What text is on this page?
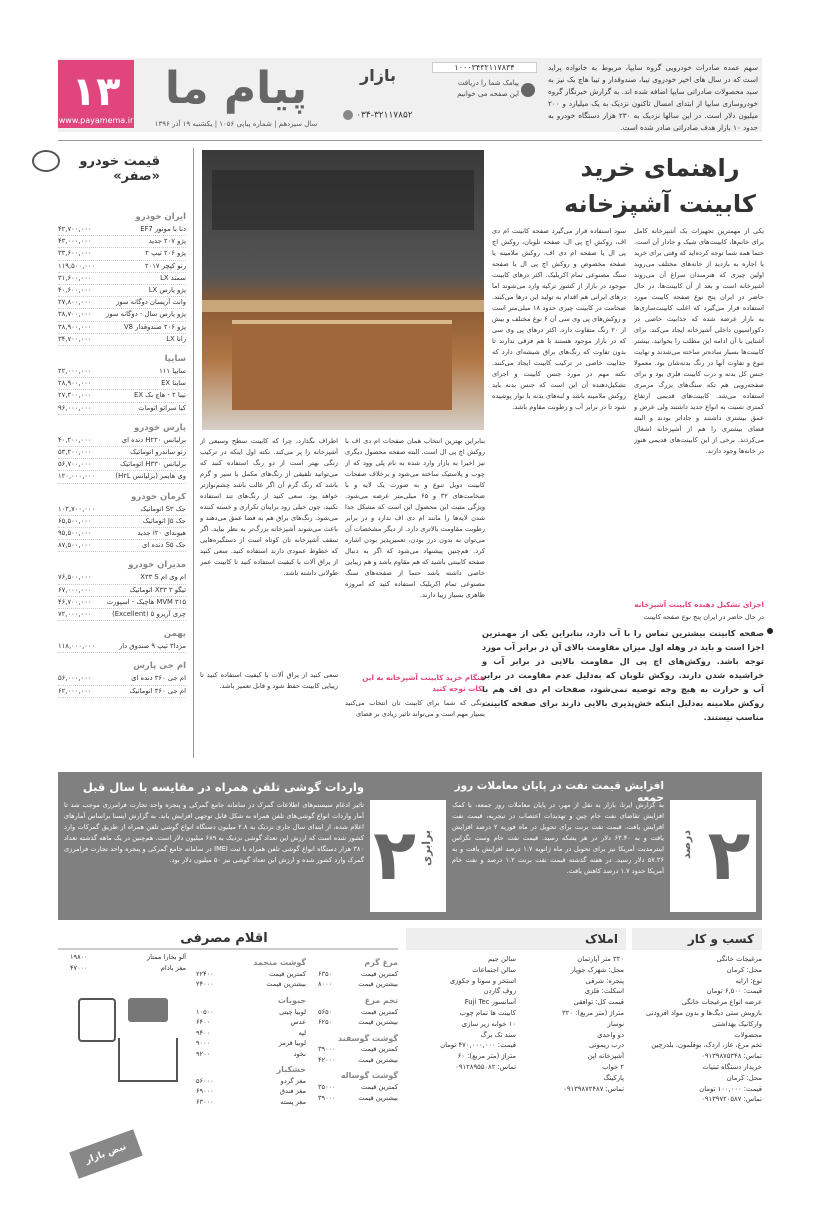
۱۳
www.payamema.ir
پیام ما
سال سیزدهم | شماره پیاپی ۱۰۵۶ | یکشنبه ۱۹ آذر ۱۳۹۶
بازار
۰۳۴-۳۲۱۱۷۸۵۲
۱۰۰۰۳۴۳۲۱۱۷۸۳۴
پیامک شما را دریافت
این صفحه می خوانیم
سهم عمده صادرات خودرویی گروه سایپا، مربوط به خانواده پراید است که در سال های اخیر خودروی تیبا، صندوقدار و تیبا هاچ بک نیز به سبد محصولات صادراتی سایپا اضافه شده اند. به گزارش خبرنگار گروه خودروسازی سایپا از ابتدای امسال تاکنون نزدیک به یک میلیارد و ۲۰۰ میلیون دلار است. در این سالها نزدیک به ۲۳۰ هزار دستگاه خودرو به حدود ۱۰ بازار هدف صادراتی صادر شده است.
راهنمای خرید
کابینت آشپزخانه
یکی از مهمترین تجهیزات یک آشپزخانه کامل برای خانم‌ها، کابینت‌های شیک و جادار آن است. حتما همه شما توجه کرده‌اید که وقتی برای خرید یا اجاره به بازدید از خانه‌های مختلف می‌روید اولین چیزی که هنرمندان سراغ آن می‌روند آشپزخانه است و بعد از آن کابینت‌ها. در حال حاضر در ایران پنج نوع صفحه کابینت مورد استفاده قرار می‌گیرد که اغلب کابینت‌سازی‌ها به بازار عرضه شده که جذابیت خاصی در دکوراسیون داخلی آشپزخانه ایجاد می‌کند. برای آشنایی با آن ادامه این مطلب را بخوانید. بیشتر کابینت‌ها بسیار ساده‌تر ساخته می‌شدند و نهایت تنوع و تفاوت آنها در رنگ بدنه‌شان بود. معمولا جنس کل بدنه و درب کابینت فلزی بود و برای صفحه‌رویی هم تکه سنگ‌های بزرگ مرمری استفاده می‌شد. کابینت‌های قدیمی ارتفاع کمتری نسبت به انواع جدید داشتند ولی عرض و عمق بیشتری داشتند و جاداتر بودند و البته فضای بیشتری را هم از آشپزخانه اشغال می‌کردند. برخی از این کابینت‌های قدیمی هنوز در خانه‌ها وجود دارند.
سود استفاده قرار می‌گیرد صفحه کابینت ام دی اف، روکش اچ پی ال، صفحه تلوبان، روکش اچ پی ال یا صفحه ام دی اف، روکش ملامینه یا صفحه مخصوص و روکش اچ پی ال یا صفحه سنگ مصنوعی تمام اکریلیک. اکثر درهای کابینت موجود در بازار از کشور ترکیه وارد می‌شوند اما درهای ایرانی هم اقدام به تولید این درها می‌کنند. ضخامت در کابینت چیزی حدود ۱۸ میلی‌متر است و روکش‌های پی وی سی آن ۶ نوع مختلف و بیش از ۲۰ رنگ متفاوت دارد. اکثر درهای پی وی سی که در بازار موجود هستند با هم فرقی ندارند تا بدون تفاوت که رنگ‌های براق شیشه‌ای دارد که جذابیت خاصی در ترکیب کابینت ایجاد می‌کنند. نکته مهم در مورد جنس کابینت و اجزای تشکیل‌دهنده آن این است که جنس بدنه باید روکش ملامینه باشد و لبه‌های بدنه با نوار پوشیده شود تا در برابر آب و رطوبت مقاوم باشد.
اجزای تشکیل دهنده کابینت آشپزخانه
در حال حاضر در ایران پنج نوع صفحه کابینت
بنابراین بهترین انتخاب همان صفحات ام دی اف با روکش اچ پی ال است. البته صفحه محصول دیگری نیز اخیرا به بازار وارد شده به نام پلی وود که از چوب و پلاستیک ساخته می‌شود و برخلاف صفحات کابینت دوبل تنوع و به صورت یک لایه و با ضخامت‌های ۳۲ و ۶۵ میلی‌متر عرضه می‌شود. ویژگی مثبت این محصول این است که مشکل جدا شدن لایه‌ها را مانند ام دی اف ندارد و در برابر رطوبت مقاومت بالاتری دارد. از دیگر مشخصات آن می‌توان به بدون درز بودن، تعمیرپذیر بودن اشاره کرد. هم‌چنین پیشنهاد می‌شود که اگر به دنبال صفحه کابینتی باشید که هم مقاوم باشد و هم زیبایی خاصی داشته باشد حتما از صفحه‌های سنگ مصنوعی تمام اکریلیک استفاده کنید که امروزه ظاهری بسیار زیبا دارند.
هنگام خرید کابینت آشپزخانه به این نکات توجه کنید
رنگی که شما برای کابینت تان انتخاب می‌کنید بسیار مهم است و می‌تواند تاثیر زیادی بر فضای
اطراف بگذارد، چرا که کابینت سطح وسیعی از آشپزخانه را پر می‌کند. نکته اول اینکه در ترکیب رنگی بهتر است از دو رنگ استفاده کنید که می‌توانید تلفیقی از رنگ‌های مکمل با سیر و گرم باشد که رنگ گرم آن اگر غالب باشد چشم‌نوازتر خواهد بود. سعی کنید از رنگ‌های تند استفاده نکنید، چون خیلی زود برایتان تکراری و خسته کننده می‌شود. رنگ‌های براق هم به فضا عمق می‌دهند و باعث می‌شوند آشپزخانه بزرگ‌تر به نظر بیاید. اگر سقف آشپزخانه تان کوتاه است از دستگیره‌هایی که خطوط عمودی دارند استفاده کنید. سعی کنید از یراق آلات با کیفیت استفاده کنید تا کابینت عمر طولانی داشته باشد.
سعی کنید از یراق آلات با کیفیت استفاده کنید تا زیبایی کابینت حفظ شود و قابل تعمیر باشد.
صفحه کابینت بیشترین تماس را با آب دارد، بنابراین یکی از مهمترین اجزا است و باید در وهله اول میزان مقاومت بالای آن در برابر آب مورد توجه باشد. روکش‌های اچ پی ال مقاومت بالایی در برابر آب و خراشیده شدن دارند. روکش تلوبان که به‌دلیل عدم مقاومت در برابر آب و حرارت به هیچ وجه توصیه نمی‌شود، صفحات ام دی اف هم با روکش ملامینه به‌دلیل اینکه خش‌پذیری بالایی دارند برای صفحه کابینت مناسب نیستند.
قیمت خودرو «صفر»
ایران خودرو
دنا با موتور EF7
۴۲,۷۰۰,۰۰۰
پژو ۲۰۷ جدید
۴۳,۰۰۰,۰۰۰
پژو ۲۰۶ تیپ ۲
۳۳,۶۰۰,۰۰۰
رنو کپچر ۲۰۱۷
۱۱۹,۵۰۰,۰۰۰
سمند LX
۳۱,۶۰۰,۰۰۰
پژو پارس LX
۴۰,۶۰۰,۰۰۰
وانت آریسان دوگانه سوز
۲۷,۸۰۰,۰۰۰
پژو پارس سال - دوگانه سوز
۳۸,۷۰۰,۰۰۰
پژو ۲۰۶ صندوقدار V8
۳۸,۹۰۰,۰۰۰
رانا LX
۳۴,۷۰۰,۰۰۰
سایپا
سایپا ۱۱۱
۲۲,۰۰۰,۰۰۰
ساینا EX
۲۸,۹۰۰,۰۰۰
تیبا ۲ - هاچ بک EX
۲۷,۳۰۰,۰۰۰
کیا سراتو اتومات
۹۶,۰۰۰,۰۰۰
پارس خودرو
برلیانس H۲۲۰ دنده ای
۴۰,۲۰۰,۰۰۰
رنو ساندرو اتوماتیک
۵۳,۲۰۰,۰۰۰
برلیانس H۳۳۰ اتوماتیک
۵۶,۷۰۰,۰۰۰
وی هایمر (برلیانس H۲L)
۱۲۰,۰۰۰,۰۰۰
کرمان خودرو
جک S۳ اتوماتیک
۱۰۲,۷۰۰,۰۰۰
جک J۵ اتوماتیک
۶۵,۵۰۰,۰۰۰
هیوندای i۲۰ جدید
۹۵,۵۰۰,۰۰۰
جک S۵ دنده ای
۸۷,۵۰۰,۰۰۰
مدیران خودرو
ام وی ام X۳۳ S
۷۶,۵۰۰,۰۰۰
تیگو ۳ X۳۳ اتوماتیک
۶۷,۰۰۰,۰۰۰
MVM ۳۱۵ هاچبک - اسپورت
۴۶,۷۰۰,۰۰۰
چری آریزو ۵ (Excellent)
۷۲,۰۰۰,۰۰۰
بهمن
مزدا۳ تیپ ۹ صندوق دار
۱۱۸,۰۰۰,۰۰۰
ام جی پارس
ام جی ۳۶۰ دنده ای
۵۶,۰۰۰,۰۰۰
ام جی ۳۶۰ اتوماتیک
۶۲,۰۰۰,۰۰۰
۲ برابری	۲
درصد
واردات گوشی تلفن همراه در مقایسه با سال قبل
تاثیر ادغام سیستم‌های اطلاعات گمرک در سامانه جامع گمرکی و پنجره واحد تجارت فرامرزی موجب شد تا آمار واردات انواع گوشی‌های تلفن همراه به شکل قابل توجهی افزایش یابد. به گزارش ایسنا براساس آمارهای اعلام شده، از ابتدای سال جاری نزدیک به ۲.۸ میلیون دستگاه انواع گوشی تلفن همراه از طریق گمرکات وارد کشور شده است که ارزش این تعداد گوشی نزدیک به ۶۸۹ میلیون دلار است. هم‌چنین در یک ماهه گذشته تعداد ۳۸۰ هزار دستگاه انواع گوشی تلفن همراه با ثبت IMEI در سامانه جامع گمرکی و پنجره واحد تجارت فرامرزی گمرک وارد کشور شده و ارزش این تعداد گوشی نیز ۵۰ میلیون دلار بود.
افزایش قیمت نفت در پایان معاملات روز جمعه
به گزارش ایرنا، بازار به نقل از مهر، در پایان معاملات روز جمعه، با کمک افزایش تقاضای نفت خام چین و تهدیدات اعتصاب در نیجریه، قیمت نفت افزایش یافت. قیمت نفت برنت برای تحویل در ماه فوریه ۲ درصد افزایش یافت و به ۶۳.۴۰ دلار در هر بشکه رسید. قیمت نفت خام وست تگزاس اینترمدیت آمریکا نیز برای تحویل در ماه ژانویه ۱.۷ درصد افزایش یافت و به ۵۷.۳۶ دلار رسید. در هفته گذشته قیمت نفت برنت ۱.۲ درصد و نفت خام آمریکا حدود ۱.۷ درصد کاهش یافت.
کسب و کار
مرغیجات خانگی
محل: کرمان
نوع: ارایه
قیمت: ۶,۵۰۰ تومان
عرضه انواع مرغیجات خانگی
بازویش ستی دیگ‌ها و بدون مواد افزودنی
وارکانیک بهداشتی
محصولات
تخم‌ مرغ، غاز، اردک، بوقلمون، بلدرچین
تماس: ۰۹۱۳۹۸۷۵۳۴۸
خریدار دستگاه ثبتیات
محل: کرمان
قیمت: ۱۰۰,۰۰۰ تومان
تماس: ۰۹۱۳۹۷۲۰۵۸۷
املاک
۳۲۰ متر آپارتمان
محل: شهرک جوپار
پنجره: شرقی
اسکلت: فلزی
قیمت کل: توافقی
متراژ (متر مربع): ۳۲۰
نوساز
دو واحدی
درب ریموتی
آشپزخانه اپن
۲ خواب
پارکینگ
تماس: ۰۹۱۳۹۸۷۲۴۸۷
سالن جیم
سالن اجتماعات
استخر و سونا و جکوزی
روف گاردن
آسانسور Fuji Tec
کابینت ها تمام چوب
۱۰ خوابه زیر سازی
سند تک برگ
قیمت: ۴۷۰,۰۰۰,۰۰۰ تومان
متراژ (متر مربع): ۶۰
تماس: ۰۹۱۲۸۹۵۵۰۸۲
اقلام مصرفی
مرغ گرم
کمترین قیمت
۶۳۵۰
بیشترین قیمت
۸۰۰۰
تخم مرغ
کمترین قیمت
۵۶۵۰
بیشترین قیمت
۶۲۵۰
گوشت گوسفند
کمترین قیمت
۳۹۰۰۰
بیشترین قیمت
۴۲۰۰۰
گوشت گوساله
کمترین قیمت
۳۵۰۰۰
بیشترین قیمت
۳۹۰۰۰
گوشت منجمد
کمترین قیمت
۲۲۴۰۰
بیشترین قیمت
۲۴۰۰۰
حبوبات
لوبیا چیتی
۱۰۵۰۰
عدس
۶۴۰۰
لپه
۹۴۰۰
لوبیا قرمز
۹۰۰۰
نخود
۹۲۰۰
خشکبار
مغز گردو
۵۶۰۰۰
مغز فندق
۶۹۰۰۰
مغز پسته
۶۳۰۰۰
آلو بخارا ممتاز
۱۹۸۰۰
مغز بادام
۴۷۰۰۰
نبض بازار
